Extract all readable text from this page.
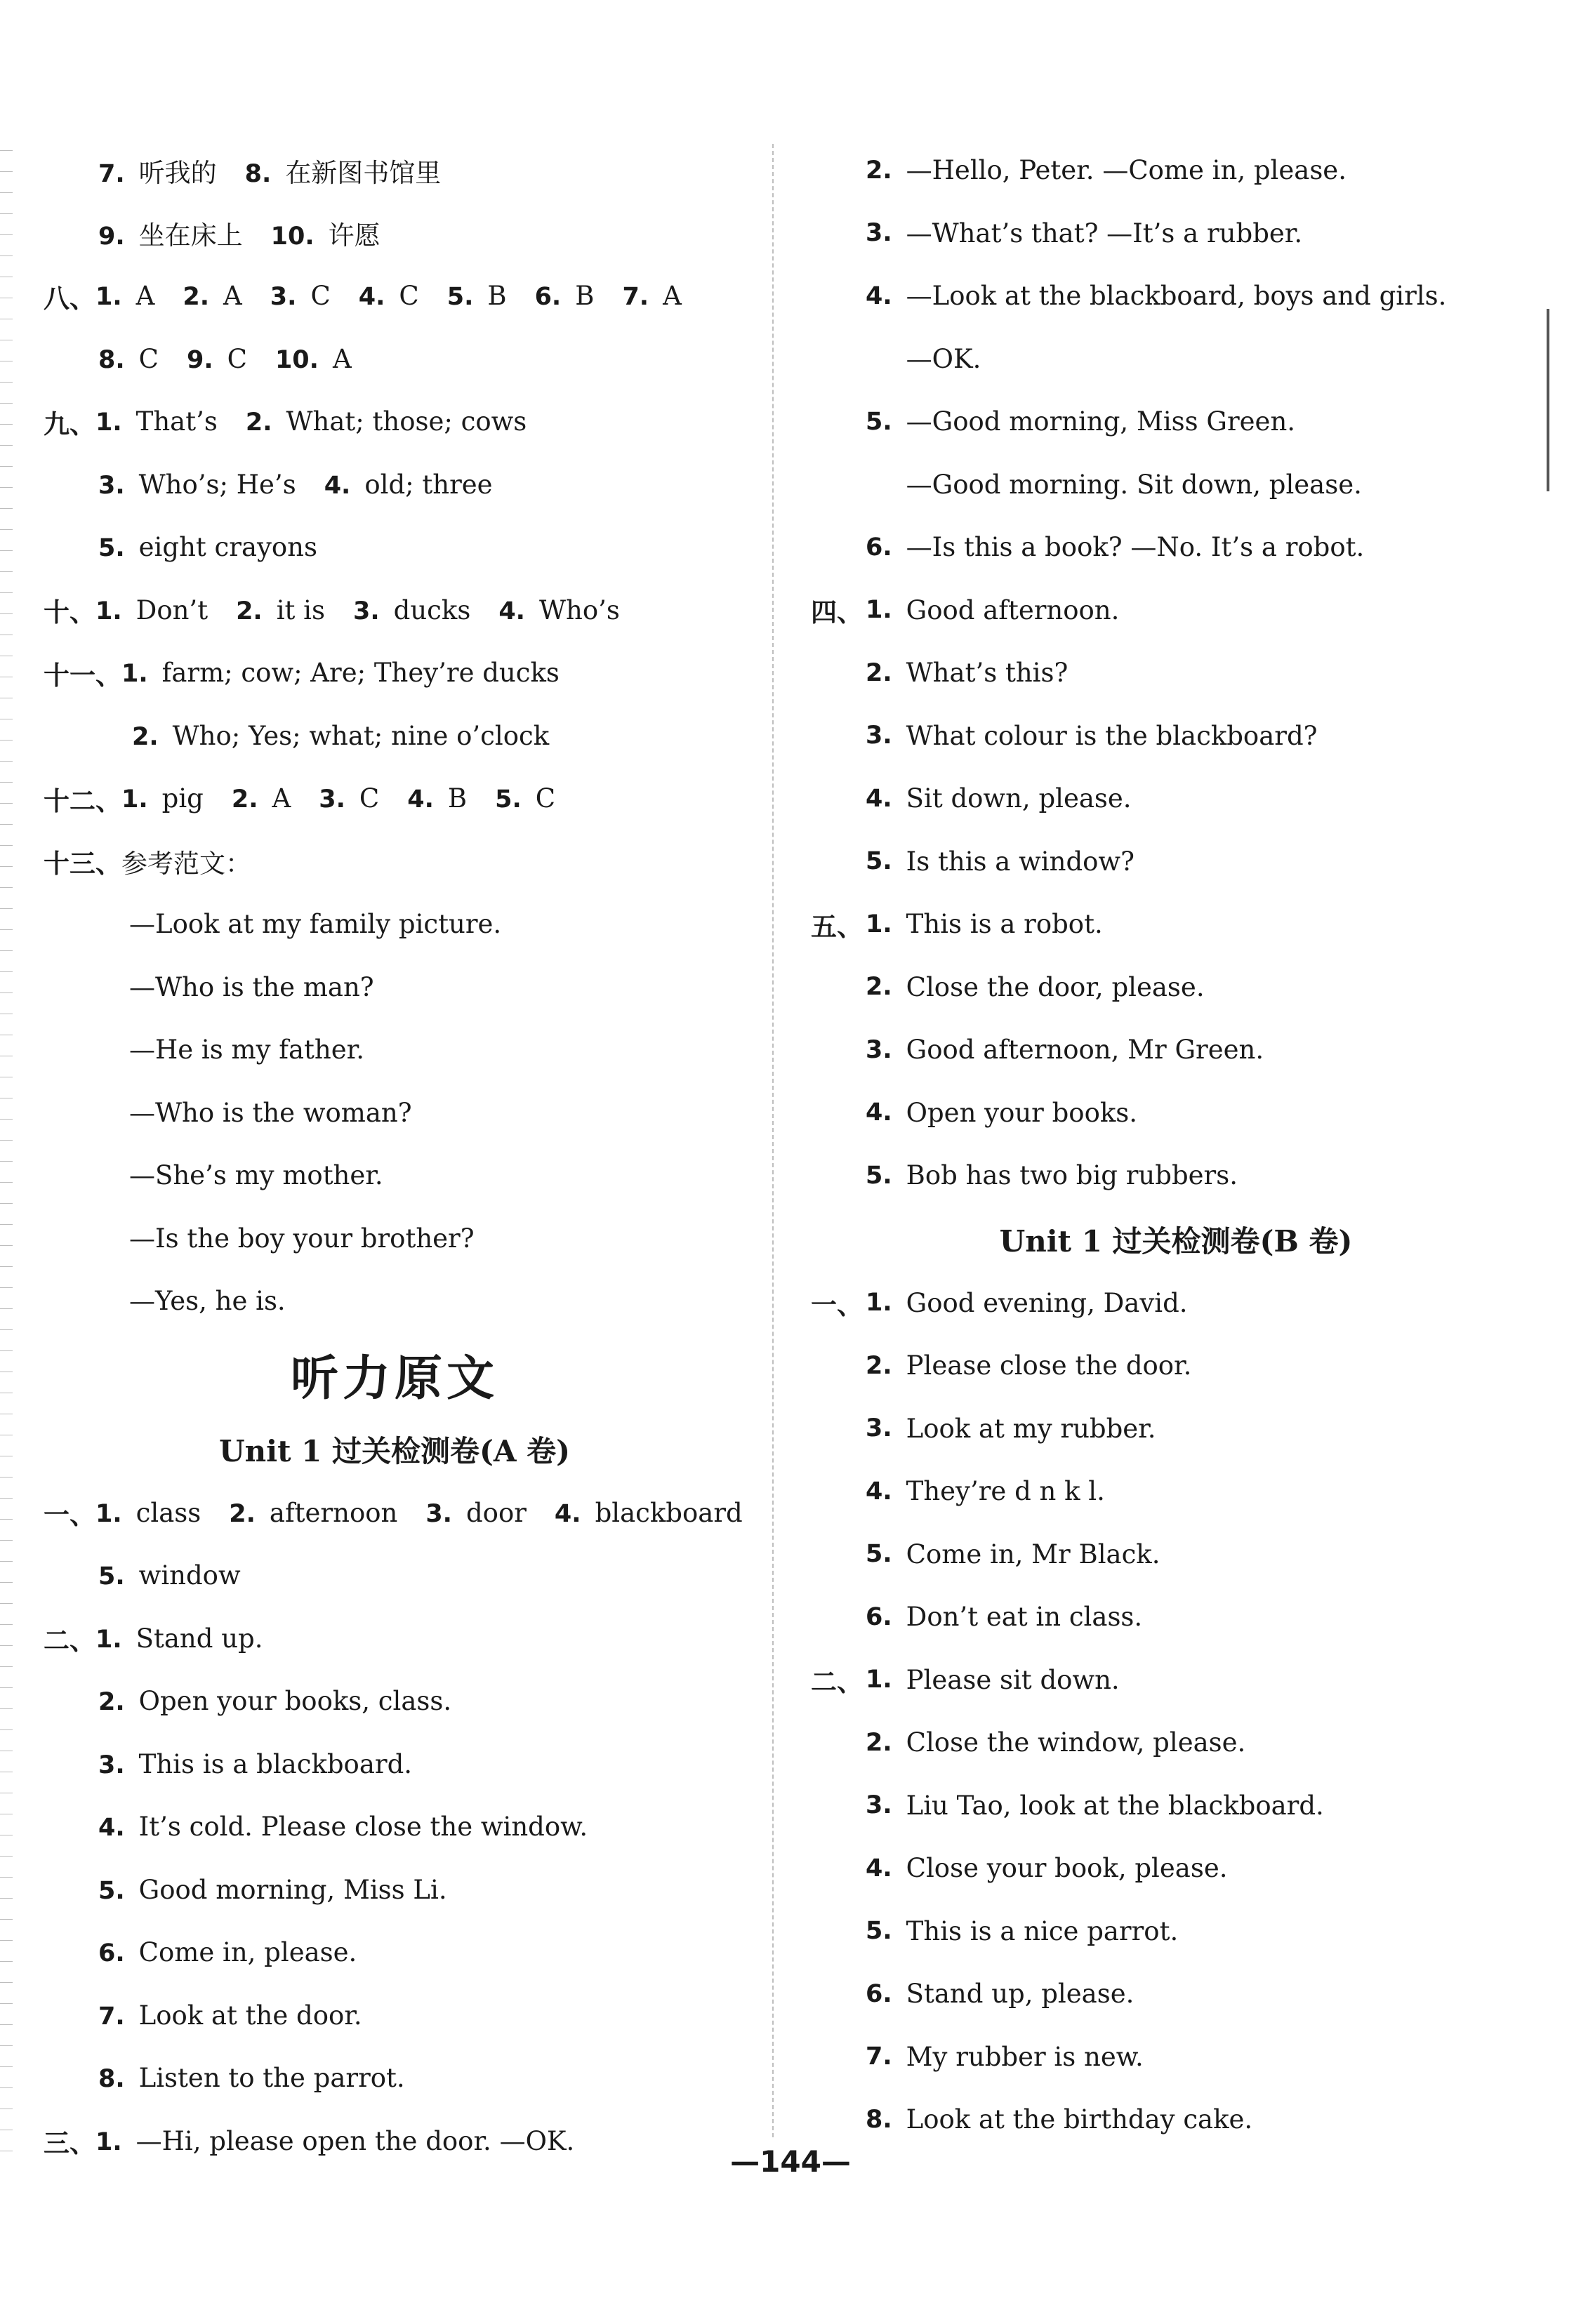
7. 听我的 8. 在新图书馆里
9. 坐在床上 10. 许愿
八、 1. A 2. A 3. C 4. C 5. B 6. B 7. A
8. C 9. C 10. A
九、 1. That’s 2. What; those; cows
3. Who’s; He’s 4. old; three
5. eight crayons
十、 1. Don’t 2. it is 3. ducks 4. Who’s
十一、 1. farm; cow; Are; They’re ducks
2. Who; Yes; what; nine o’clock
十二、 1. pig 2. A 3. C 4. B 5. C
十三、 参考范文：
—Look at my family picture.
—Who is the man?
—He is my father.
—Who is the woman?
—She’s my mother.
—Is the boy your brother?
—Yes, he is.
听力原文
Unit 1 过关检测卷(A 卷)
一、 1. class 2. afternoon 3. door 4. blackboard
5. window
二、 1. Stand up.
2. Open your books, class.
3. This is a blackboard.
4. It’s cold. Please close the window.
5. Good morning, Miss Li.
6. Come in, please.
7. Look at the door.
8. Listen to the parrot.
三、 1. —Hi, please open the door. —OK.
2. —Hello, Peter. —Come in, please.
3. —What’s that? —It’s a rubber.
4. —Look at the blackboard, boys and girls.
—OK.
5. —Good morning, Miss Green.
—Good morning. Sit down, please.
6. —Is this a book? —No. It’s a robot.
四、 1. Good afternoon.
2. What’s this?
3. What colour is the blackboard?
4. Sit down, please.
5. Is this a window?
五、 1. This is a robot.
2. Close the door, please.
3. Good afternoon, Mr Green.
4. Open your books.
5. Bob has two big rubbers.
Unit 1 过关检测卷(B 卷)
一、 1. Good evening, David.
2. Please close the door.
3. Look at my rubber.
4. They’re d n k l.
5. Come in, Mr Black.
6. Don’t eat in class.
二、 1. Please sit down.
2. Close the window, please.
3. Liu Tao, look at the blackboard.
4. Close your book, please.
5. This is a nice parrot.
6. Stand up, please.
7. My rubber is new.
8. Look at the birthday cake.
—144—
